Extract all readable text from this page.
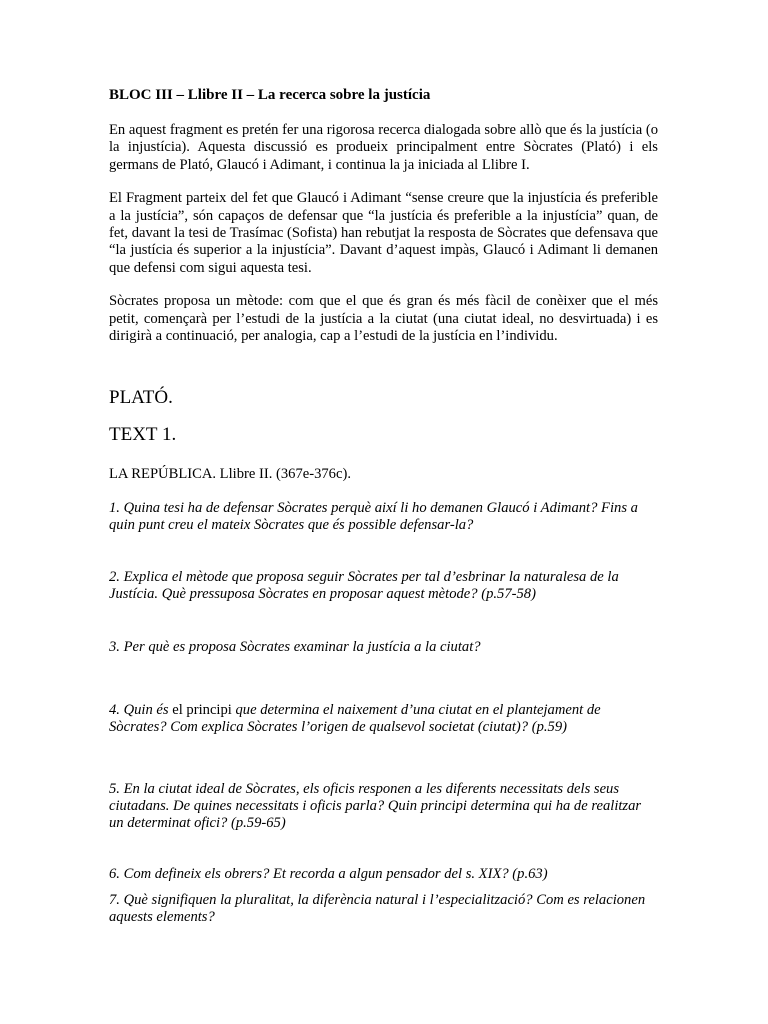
BLOC III – Llibre II – La recerca sobre la justícia

En aquest fragment es pretén fer una rigorosa recerca dialogada sobre allò que és la justícia (o la injustícia). Aquesta discussió es produeix principalment entre Sòcrates (Plató) i els germans de Plató, Glaucó i Adimant, i continua la ja iniciada al Llibre I.

El Fragment parteix del fet que Glaucó i Adimant “sense creure que la injustícia és preferible a la justícia”, són capaços de defensar que “la justícia és preferible a la injustícia” quan, de fet, davant la tesi de Trasímac (Sofista) han rebutjat la resposta de Sòcrates que defensava que “la justícia és superior a la injustícia”. Davant d’aquest impàs, Glaucó i Adimant li demanen que defensi com sigui aquesta tesi.

Sòcrates proposa un mètode: com que el que és gran és més fàcil de conèixer que el més petit, començarà per l’estudi de la justícia a la ciutat (una ciutat ideal, no desvirtuada) i es dirigirà a continuació, per analogia, cap a l’estudi de la justícia en l’individu.

PLATÓ.
TEXT 1.
LA REPÚBLICA. Llibre II. (367e-376c).

1. Quina tesi ha de defensar Sòcrates perquè així li ho demanen Glaucó i Adimant? Fins a quin punt creu el mateix Sòcrates que és possible defensar-la?

2. Explica el mètode que proposa seguir Sòcrates per tal d’esbrinar la naturalesa de la Justícia. Què pressuposa Sòcrates en proposar aquest mètode? (p.57-58)

3. Per què es proposa Sòcrates examinar la justícia a la ciutat?

4. Quin és el principi que determina el naixement d’una ciutat en el plantejament de Sòcrates? Com explica Sòcrates l’origen de qualsevol societat (ciutat)? (p.59)

5. En la ciutat ideal de Sòcrates, els oficis responen a les diferents necessitats dels seus ciutadans. De quines necessitats i oficis parla? Quin principi determina qui ha de realitzar un determinat ofici? (p.59-65)

6. Com defineix els obrers? Et recorda a algun pensador del s. XIX? (p.63)

7. Què signifiquen la pluralitat, la diferència natural i l’especialització? Com es relacionen aquests elements?
